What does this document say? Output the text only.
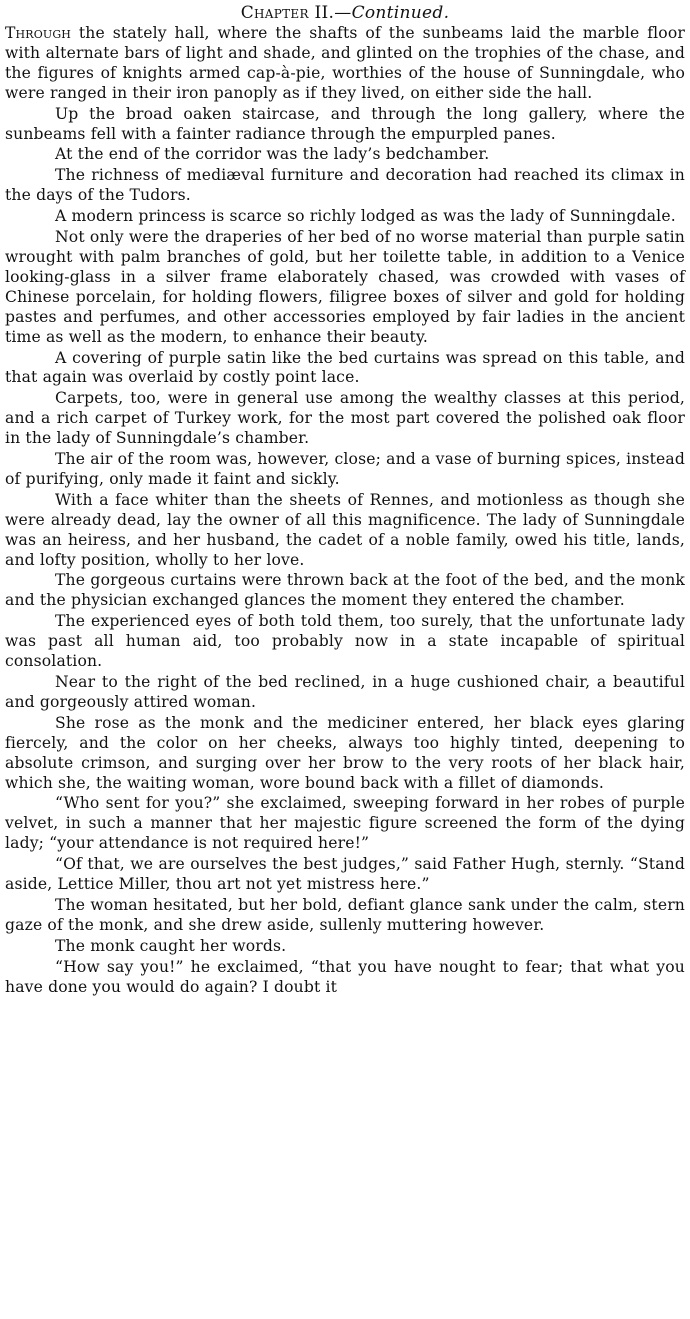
Chapter II.—Continued.

Through the stately hall, where the shafts of the sunbeams laid the marble floor with alternate bars of light and shade, and glinted on the trophies of the chase, and the figures of knights armed cap-à-pie, worthies of the house of Sunningdale, who were ranged in their iron panoply as if they lived, on either side the hall.

Up the broad oaken staircase, and through the long gallery, where the sunbeams fell with a fainter radiance through the empurpled panes.

At the end of the corridor was the lady’s bedchamber.

The richness of mediæval furniture and decoration had reached its climax in the days of the Tudors.

A modern princess is scarce so richly lodged as was the lady of Sunningdale.

Not only were the draperies of her bed of no worse material than purple satin wrought with palm branches of gold, but her toilette table, in addition to a Venice looking-glass in a silver frame elaborately chased, was crowded with vases of Chinese porcelain, for holding flowers, filigree boxes of silver and gold for holding pastes and perfumes, and other accessories employed by fair ladies in the ancient time as well as the modern, to enhance their beauty.

A covering of purple satin like the bed curtains was spread on this table, and that again was overlaid by costly point lace.

Carpets, too, were in general use among the wealthy classes at this period, and a rich carpet of Turkey work, for the most part covered the polished oak floor in the lady of Sunningdale’s chamber.

The air of the room was, however, close; and a vase of burning spices, instead of purifying, only made it faint and sickly.

With a face whiter than the sheets of Rennes, and motionless as though she were already dead, lay the owner of all this magnificence. The lady of Sunningdale was an heiress, and her husband, the cadet of a noble family, owed his title, lands, and lofty position, wholly to her love.

The gorgeous curtains were thrown back at the foot of the bed, and the monk and the physician exchanged glances the moment they entered the chamber.

The experienced eyes of both told them, too surely, that the unfortunate lady was past all human aid, too probably now in a state incapable of spiritual consolation.

Near to the right of the bed reclined, in a huge cushioned chair, a beautiful and gorgeously attired woman.

She rose as the monk and the mediciner entered, her black eyes glaring fiercely, and the color on her cheeks, always too highly tinted, deepening to absolute crimson, and surging over her brow to the very roots of her black hair, which she, the waiting woman, wore bound back with a fillet of diamonds.

“Who sent for you?” she exclaimed, sweeping forward in her robes of purple velvet, in such a manner that her majestic figure screened the form of the dying lady; “your attendance is not required here!”

“Of that, we are ourselves the best judges,” said Father Hugh, sternly. “Stand aside, Lettice Miller, thou art not yet mistress here.”

The woman hesitated, but her bold, defiant glance sank under the calm, stern gaze of the monk, and she drew aside, sullenly muttering however.

The monk caught her words.

“How say you!” he exclaimed, “that you have nought to fear; that what you have done you would do again? I doubt it
